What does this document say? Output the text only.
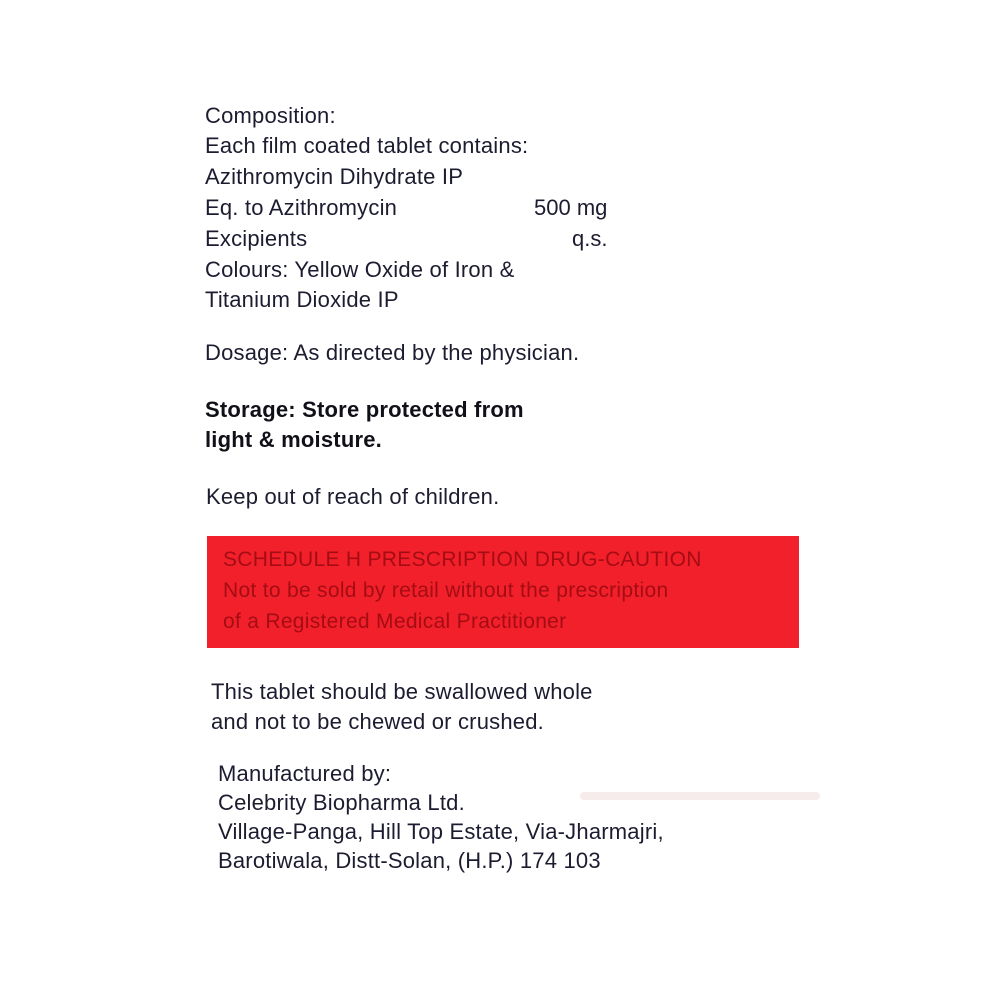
Composition:
Each film coated tablet contains:
Azithromycin Dihydrate IP
Eq. to Azithromycin	500 mg
Excipients	q.s.
Colours: Yellow Oxide of Iron &
Titanium Dioxide IP
Dosage: As directed by the physician.
Storage: Store protected from
light & moisture.
Keep out of reach of children.
SCHEDULE H PRESCRIPTION DRUG-CAUTION
Not to be sold by retail without the prescription
of a Registered Medical Practitioner
This tablet should be swallowed whole
and not to be chewed or crushed.
Manufactured by:
Celebrity Biopharma Ltd.
Village-Panga, Hill Top Estate, Via-Jharmajri,
Barotiwala, Distt-Solan, (H.P.) 174 103
